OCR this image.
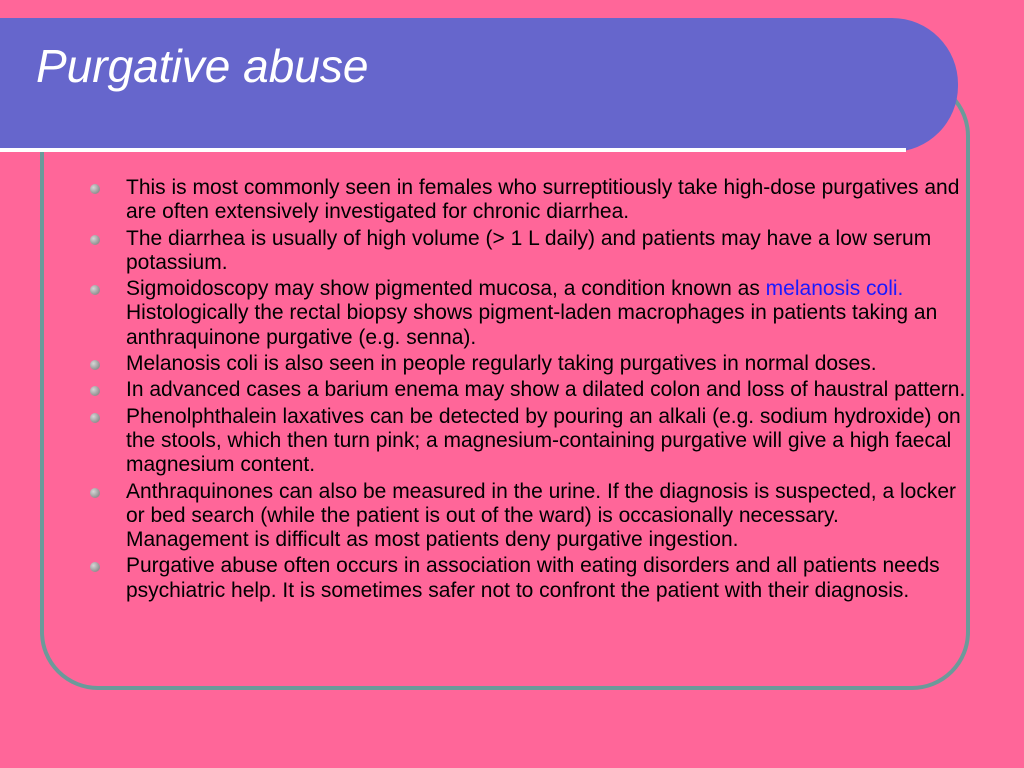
Purgative abuse
This is most commonly seen in females who surreptitiously take high-dose purgatives and are often extensively investigated for chronic diarrhea.
The diarrhea is usually of high volume (> 1 L daily) and patients may have a low serum potassium.
Sigmoidoscopy may show pigmented mucosa, a condition known as melanosis coli. Histologically the rectal biopsy shows pigment-laden macrophages in patients taking an anthraquinone purgative (e.g. senna).
Melanosis coli is also seen in people regularly taking purgatives in normal doses.
In advanced cases a barium enema may show a dilated colon and loss of haustral pattern.
Phenolphthalein laxatives can be detected by pouring an alkali (e.g. sodium hydroxide) on the stools, which then turn pink; a magnesium-containing purgative will give a high faecal magnesium content.
Anthraquinones can also be measured in the urine. If the diagnosis is suspected, a locker or bed search (while the patient is out of the ward) is occasionally necessary. Management is difficult as most patients deny purgative ingestion.
Purgative abuse often occurs in association with eating disorders and all patients needs psychiatric help. It is sometimes safer not to confront the patient with their diagnosis.
